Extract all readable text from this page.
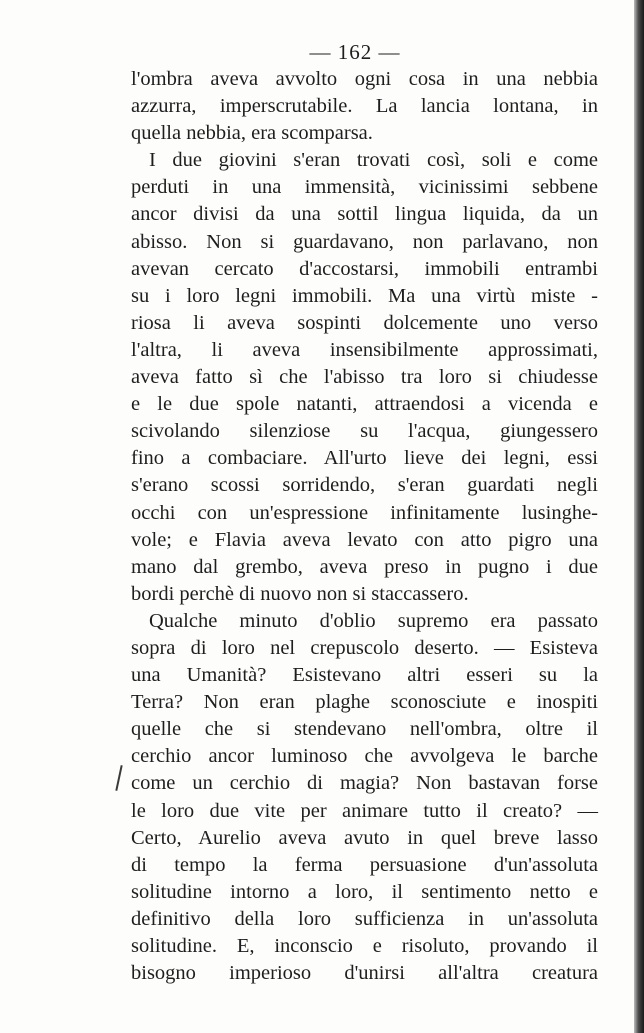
— 162 —
l'ombra aveva avvolto ogni cosa in una nebbia
azzurra, imperscrutabile. La lancia lontana, in
quella nebbia, era scomparsa.
I due giovini s'eran trovati così, soli e come
perduti in una immensità, vicinissimi sebbene
ancor divisi da una sottil lingua liquida, da un
abisso. Non si guardavano, non parlavano, non
avevan cercato d'accostarsi, immobili entrambi
su i loro legni immobili. Ma una virtù miste -
riosa li aveva sospinti dolcemente uno verso
l'altra, li aveva insensibilmente approssimati,
aveva fatto sì che l'abisso tra loro si chiudesse
e le due spole natanti, attraendosi a vicenda e
scivolando silenziose su l'acqua, giungessero
fino a combaciare. All'urto lieve dei legni, essi
s'erano scossi sorridendo, s'eran guardati negli
occhi con un'espressione infinitamente lusinghe-
vole; e Flavia aveva levato con atto pigro una
mano dal grembo, aveva preso in pugno i due
bordi perchè di nuovo non si staccassero.
Qualche minuto d'oblio supremo era passato
sopra di loro nel crepuscolo deserto. — Esisteva
una Umanità? Esistevano altri esseri su la
Terra? Non eran plaghe sconosciute e inospiti
quelle che si stendevano nell'ombra, oltre il
cerchio ancor luminoso che avvolgeva le barche
come un cerchio di magia? Non bastavan forse
le loro due vite per animare tutto il creato? —
Certo, Aurelio aveva avuto in quel breve lasso
di tempo la ferma persuasione d'un'assoluta
solitudine intorno a loro, il sentimento netto e
definitivo della loro sufficienza in un'assoluta
solitudine. E, inconscio e risoluto, provando il
bisogno imperioso d'unirsi all'altra creatura
